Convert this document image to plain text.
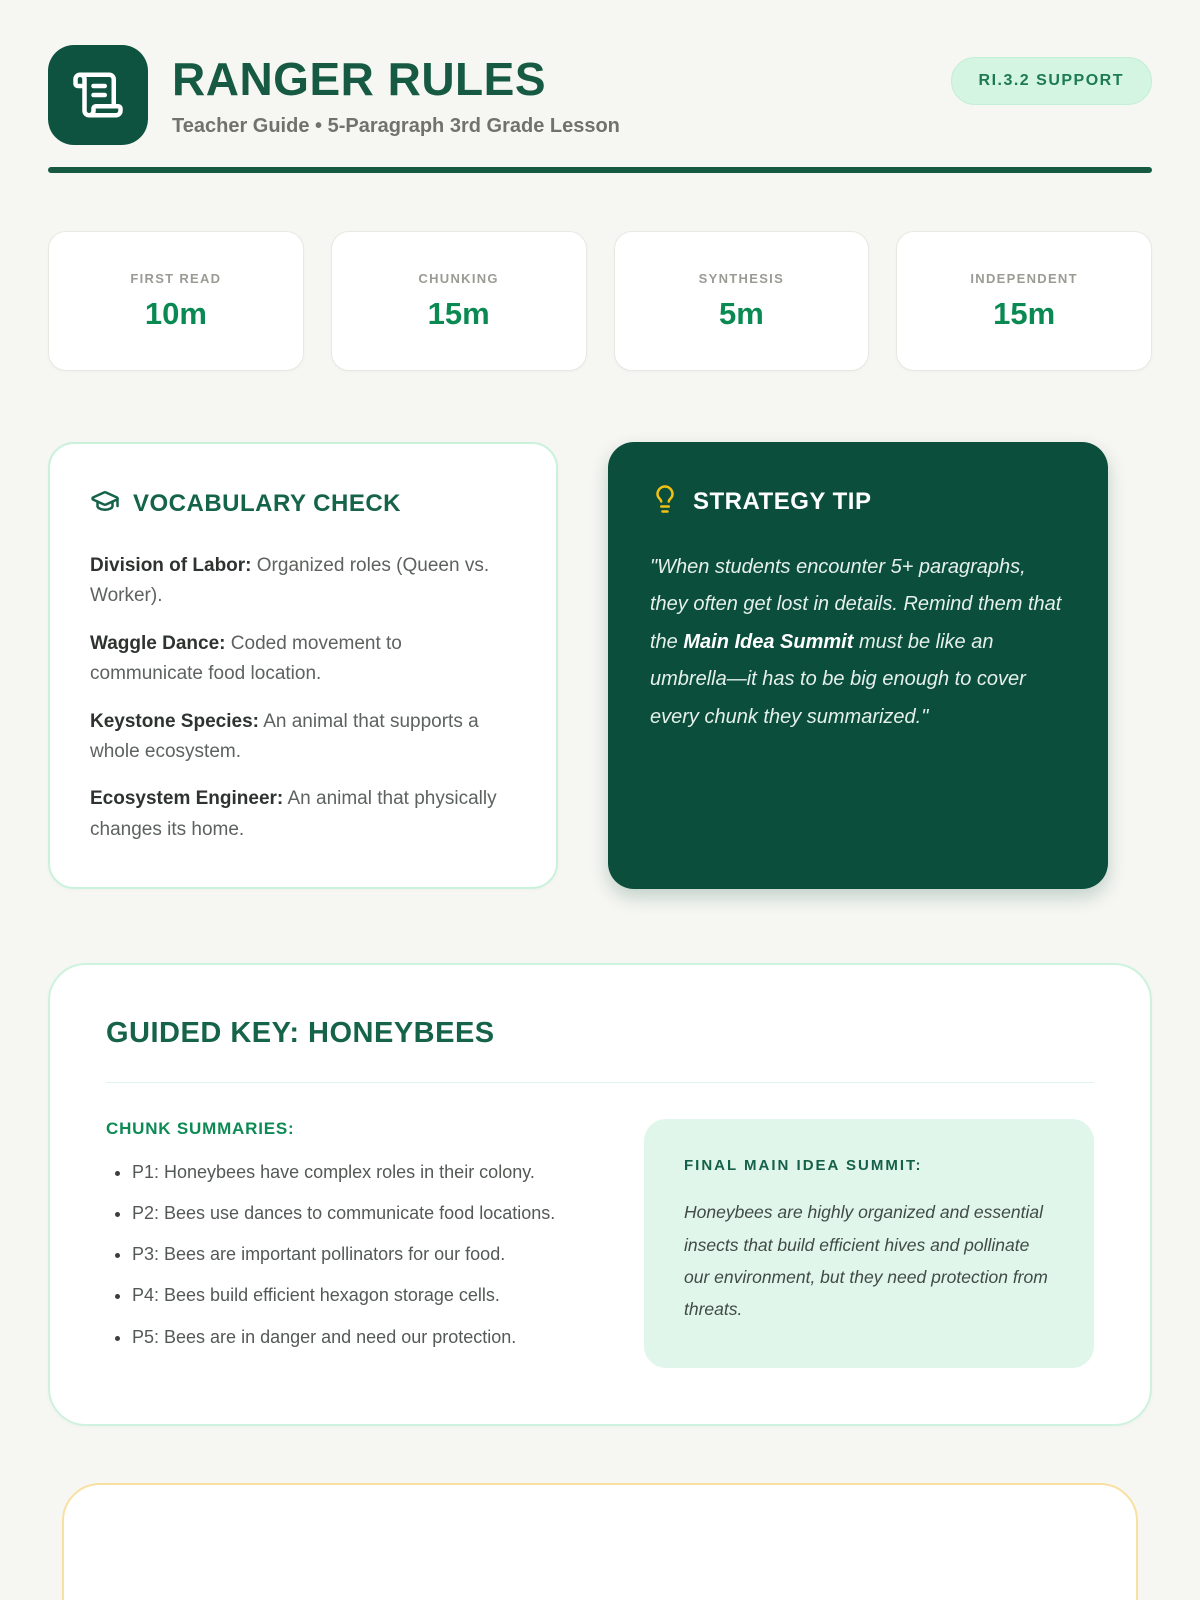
RANGER RULES
Teacher Guide • 5-Paragraph 3rd Grade Lesson
RI.3.2 SUPPORT
FIRST READ
10m
CHUNKING
15m
SYNTHESIS
5m
INDEPENDENT
15m
VOCABULARY CHECK

Division of Labor: Organized roles (Queen vs. Worker).

Waggle Dance: Coded movement to communicate food location.

Keystone Species: An animal that supports a whole ecosystem.

Ecosystem Engineer: An animal that physically changes its home.

STRATEGY TIP

"When students encounter 5+ paragraphs, they often get lost in details. Remind them that the Main Idea Summit must be like an umbrella—it has to be big enough to cover every chunk they summarized."

GUIDED KEY: HONEYBEES
CHUNK SUMMARIES:
• P1: Honeybees have complex roles in their colony.
• P2: Bees use dances to communicate food locations.
• P3: Bees are important pollinators for our food.
• P4: Bees build efficient hexagon storage cells.
• P5: Bees are in danger and need our protection.
FINAL MAIN IDEA SUMMIT:

Honeybees are highly organized and essential insects that build efficient hives and pollinate our environment, but they need protection from threats.
